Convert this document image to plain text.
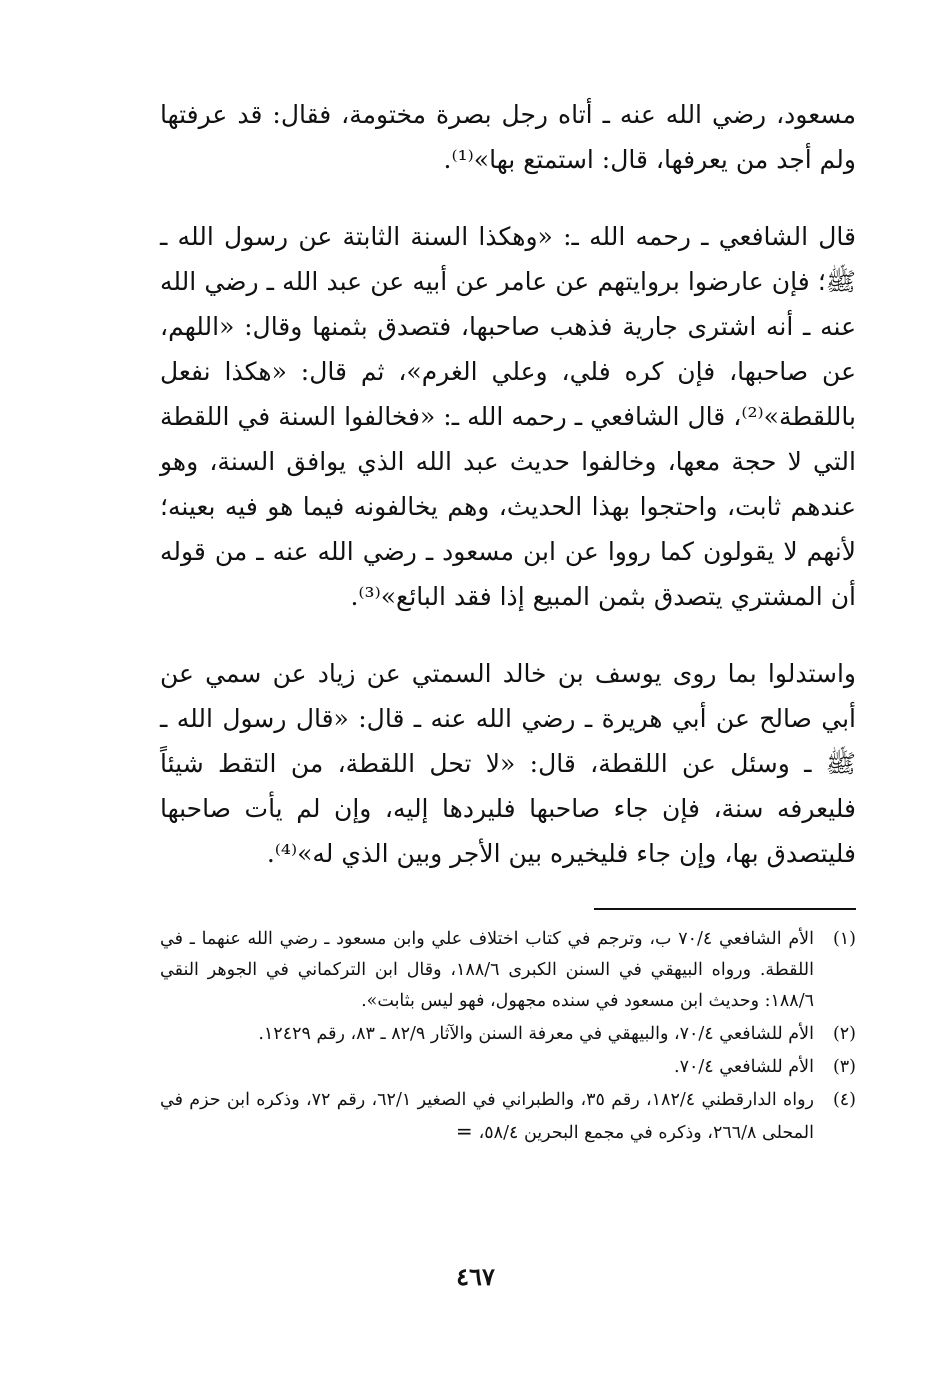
مسعود، رضي الله عنه ـ أتاه رجل بصرة مختومة، فقال: قد عرفتها ولم أجد من يعرفها، قال: استمتع بها»⁽¹⁾.

قال الشافعي ـ رحمه الله ـ: «وهكذا السنة الثابتة عن رسول الله ـ ﷺ؛ فإن عارضوا بروايتهم عن عامر عن أبيه عن عبد الله ـ رضي الله عنه ـ أنه اشترى جارية فذهب صاحبها، فتصدق بثمنها وقال: «اللهم، عن صاحبها، فإن كره فلي، وعلي الغرم»، ثم قال: «هكذا نفعل باللقطة»⁽²⁾، قال الشافعي ـ رحمه الله ـ: «فخالفوا السنة في اللقطة التي لا حجة معها، وخالفوا حديث عبد الله الذي يوافق السنة، وهو عندهم ثابت، واحتجوا بهذا الحديث، وهم يخالفونه فيما هو فيه بعينه؛ لأنهم لا يقولون كما رووا عن ابن مسعود ـ رضي الله عنه ـ من قوله أن المشتري يتصدق بثمن المبيع إذا فقد البائع»⁽³⁾.

واستدلوا بما روى يوسف بن خالد السمتي عن زياد عن سمي عن أبي صالح عن أبي هريرة ـ رضي الله عنه ـ قال: «قال رسول الله ـ ﷺ ـ وسئل عن اللقطة، قال: «لا تحل اللقطة، من التقط شيئاً فليعرفه سنة، فإن جاء صاحبها فليردها إليه، وإن لم يأت صاحبها فليتصدق بها، وإن جاء فليخيره بين الأجر وبين الذي له»⁽⁴⁾.

(١)
الأم الشافعي ٧٠/٤ ب، وترجم في كتاب اختلاف علي وابن مسعود ـ رضي الله عنهما ـ في اللقطة. ورواه البيهقي في السنن الكبرى ١٨٨/٦، وقال ابن التركماني في الجوهر النقي ١٨٨/٦: وحديث ابن مسعود في سنده مجهول، فهو ليس بثابت».
(٢)
الأم للشافعي ٧٠/٤، والبيهقي في معرفة السنن والآثار ٨٢/٩ ـ ٨٣، رقم ١٢٤٢٩.
(٣)
الأم للشافعي ٧٠/٤.
(٤)
رواه الدارقطني ١٨٢/٤، رقم ٣٥، والطبراني في الصغير ٦٢/١، رقم ٧٢، وذكره ابن حزم في المحلى ٢٦٦/٨، وذكره في مجمع البحرين ٥٨/٤،=
٤٦٧
